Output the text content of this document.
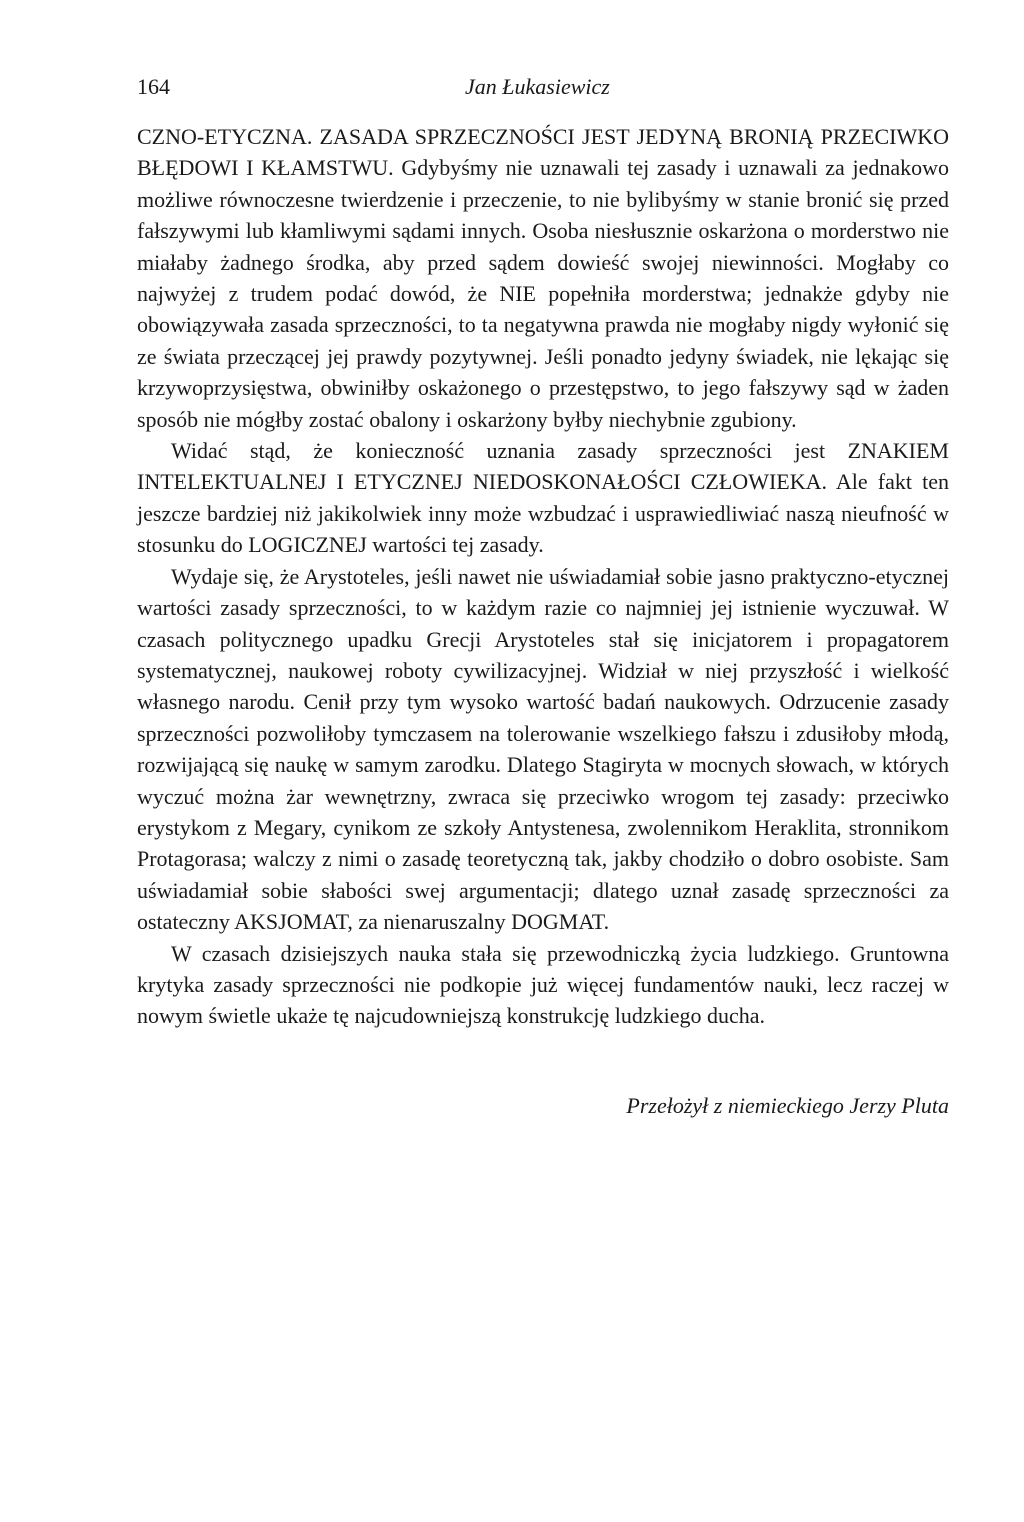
164	Jan Łukasiewicz

CZNO-ETYCZNA. ZASADA SPRZECZNOŚCI JEST JEDYNĄ BRONIĄ PRZECIWKO BŁĘDOWI I KŁAMSTWU. Gdybyśmy nie uznawali tej zasady i uznawali za jednakowo możliwe równoczesne twierdzenie i przeczenie, to nie bylibyśmy w stanie bronić się przed fałszywymi lub kłamliwymi sądami innych. Osoba niesłusznie oskarżona o morderstwo nie miałaby żadnego środka, aby przed sądem dowieść swojej niewinności. Mogłaby co najwyżej z trudem podać dowód, że NIE popełniła morderstwa; jednakże gdyby nie obowiązywała zasada sprzeczności, to ta negatywna prawda nie mogłaby nigdy wyłonić się ze świata przeczącej jej prawdy pozytywnej. Jeśli ponadto jedyny świadek, nie lękając się krzywoprzysięstwa, obwiniłby oskażonego o przestępstwo, to jego fałszywy sąd w żaden sposób nie mógłby zostać obalony i oskarżony byłby niechybnie zgubiony.

Widać stąd, że konieczność uznania zasady sprzeczności jest ZNAKIEM INTELEKTUALNEJ I ETYCZNEJ NIEDOSKONAŁOŚCI CZŁOWIEKA. Ale fakt ten jeszcze bardziej niż jakikolwiek inny może wzbudzać i usprawiedliwiać naszą nieufność w stosunku do LOGICZNEJ wartości tej zasady.

Wydaje się, że Arystoteles, jeśli nawet nie uświadamiał sobie jasno praktyczno-etycznej wartości zasady sprzeczności, to w każdym razie co najmniej jej istnienie wyczuwał. W czasach politycznego upadku Grecji Arystoteles stał się inicjatorem i propagatorem systematycznej, naukowej roboty cywilizacyjnej. Widział w niej przyszłość i wielkość własnego narodu. Cenił przy tym wysoko wartość badań naukowych. Odrzucenie zasady sprzeczności pozwoliłoby tymczasem na tolerowanie wszelkiego fałszu i zdusiłoby młodą, rozwijającą się naukę w samym zarodku. Dlatego Stagiryta w mocnych słowach, w których wyczuć można żar wewnętrzny, zwraca się przeciwko wrogom tej zasady: przeciwko erystykom z Megary, cynikom ze szkoły Antystenesa, zwolennikom Heraklita, stronnikom Protagorasa; walczy z nimi o zasadę teoretyczną tak, jakby chodziło o dobro osobiste. Sam uświadamiał sobie słabości swej argumentacji; dlatego uznał zasadę sprzeczności za ostateczny AKSJOMAT, za nienaruszalny DOGMAT.

W czasach dzisiejszych nauka stała się przewodniczką życia ludzkiego. Gruntowna krytyka zasady sprzeczności nie podkopie już więcej fundamentów nauki, lecz raczej w nowym świetle ukaże tę najcudowniejszą konstrukcję ludzkiego ducha.

Przełożył z niemieckiego Jerzy Pluta
